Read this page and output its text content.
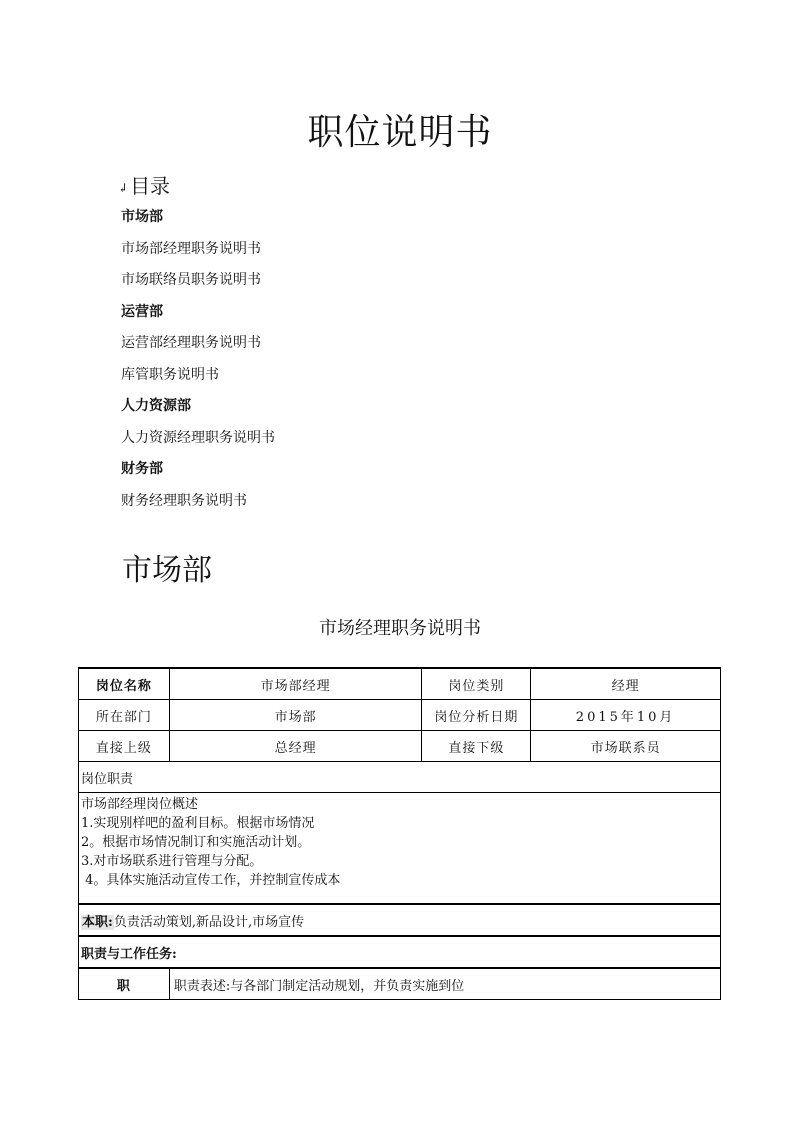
职位说明书
↲ 目录
市场部
市场部经理职务说明书
市场联络员职务说明书
运营部
运营部经理职务说明书
库管职务说明书
人力资源部
人力资源经理职务说明书
财务部
财务经理职务说明书
市场部
市场经理职务说明书
岗位名称	市场部经理	岗位类别	经理
所在部门	市场部	岗位分析日期	2015年10月
直接上级	总经理	直接下级	市场联系员
岗位职责			

市场部经理岗位概述
1.实现别样吧的盈利目标。根据市场情况
2。根据市场情况制订和实施活动计划。
3.对市场联系进行管理与分配。
4。具体实施活动宣传工作，并控制宣传成本			

本职:负责活动策划,新品设计,市场宣传			
职责与工作任务:			
职	职责表述:与各部门制定活动规划，并负责实施到位		
